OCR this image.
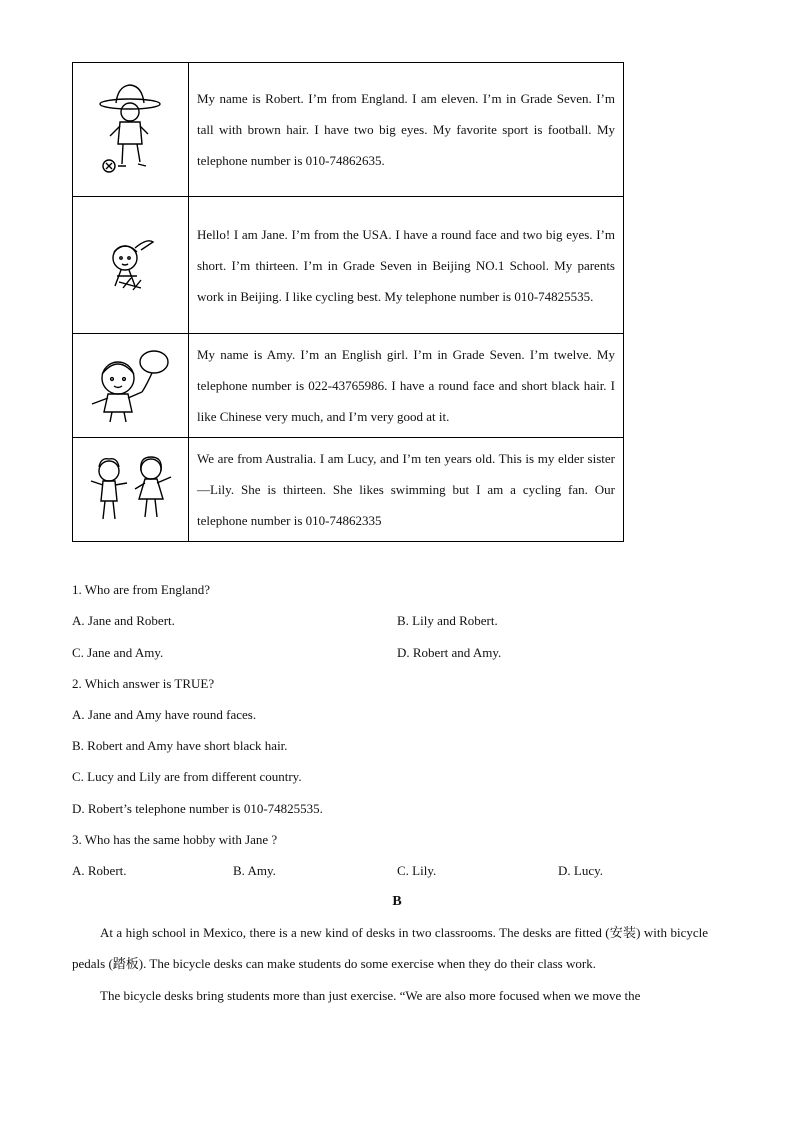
	My name is Robert. I’m from England. I am eleven. I’m in Grade Seven. I’m tall with brown hair. I have two big eyes. My favorite sport is football. My telephone number is 010-74862635.

	Hello! I am Jane. I’m from the USA. I have a round face and two big eyes. I’m short. I’m thirteen. I’m in Grade Seven in Beijing NO.1 School. My parents work in Beijing. I like cycling best. My telephone number is 010-74825535.

	My name is Amy. I’m an English girl. I’m in Grade Seven. I’m twelve. My telephone number is 022-43765986. I have a round face and short black hair. I like Chinese very much, and I’m very good at it.

	We are from Australia. I am Lucy, and I’m ten years old. This is my elder sister—Lily. She is thirteen. She likes swimming but I am a cycling fan. Our telephone number is 010-74862335
1. Who are from England?
A. Jane and Robert.	B. Lily and Robert.
C. Jane and Amy.	D. Robert and Amy.
2. Which answer is TRUE?
A. Jane and Amy have round faces.
B. Robert and Amy have short black hair.
C. Lucy and Lily are from different country.
D. Robert’s telephone number is 010-74825535.
3. Who has the same hobby with Jane ?
A. Robert.	B. Amy.	C. Lily.	D. Lucy.
B
At a high school in Mexico, there is a new kind of desks in two classrooms. The desks are fitted (安装) with bicycle pedals (踏板). The bicycle desks can make students do some exercise when they do their class work.
The bicycle desks bring students more than just exercise. “We are also more focused when we move the
